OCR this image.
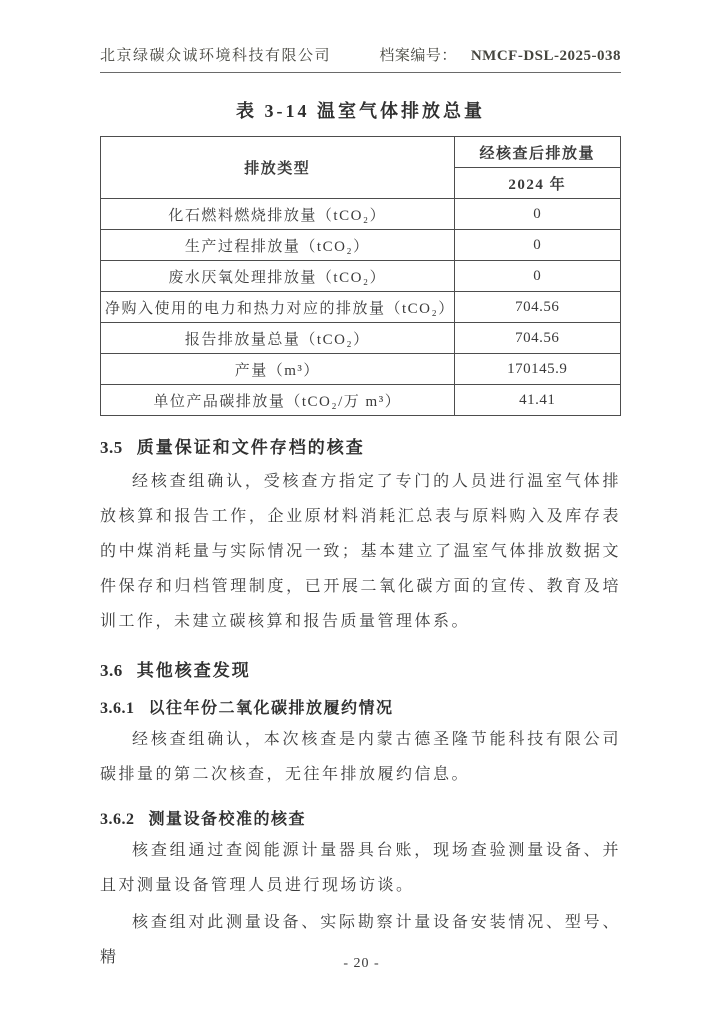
北京绿碳众诚环境科技有限公司	档案编号： NMCF-DSL-2025-038
表 3-14 温室气体排放总量
排放类型	经核查后排放量
	2024 年
化石燃料燃烧排放量（tCO₂）	0
生产过程排放量（tCO₂）	0
废水厌氧处理排放量（tCO₂）	0
净购入使用的电力和热力对应的排放量（tCO₂）	704.56
报告排放量总量（tCO₂）	704.56
产量（m³）	170145.9
单位产品碳排放量（tCO₂/万 m³）	41.41
3.5 质量保证和文件存档的核查
经核查组确认，受核查方指定了专门的人员进行温室气体排放核算和报告工作，企业原材料消耗汇总表与原料购入及库存表的中煤消耗量与实际情况一致；基本建立了温室气体排放数据文件保存和归档管理制度，已开展二氧化碳方面的宣传、教育及培训工作，未建立碳核算和报告质量管理体系。
3.6 其他核查发现
3.6.1 以往年份二氧化碳排放履约情况
经核查组确认，本次核查是内蒙古德圣隆节能科技有限公司碳排量的第二次核查，无往年排放履约信息。
3.6.2 测量设备校准的核查
核查组通过查阅能源计量器具台账，现场查验测量设备、并且对测量设备管理人员进行现场访谈。
核查组对此测量设备、实际勘察计量设备安装情况、型号、精	- 20 -
